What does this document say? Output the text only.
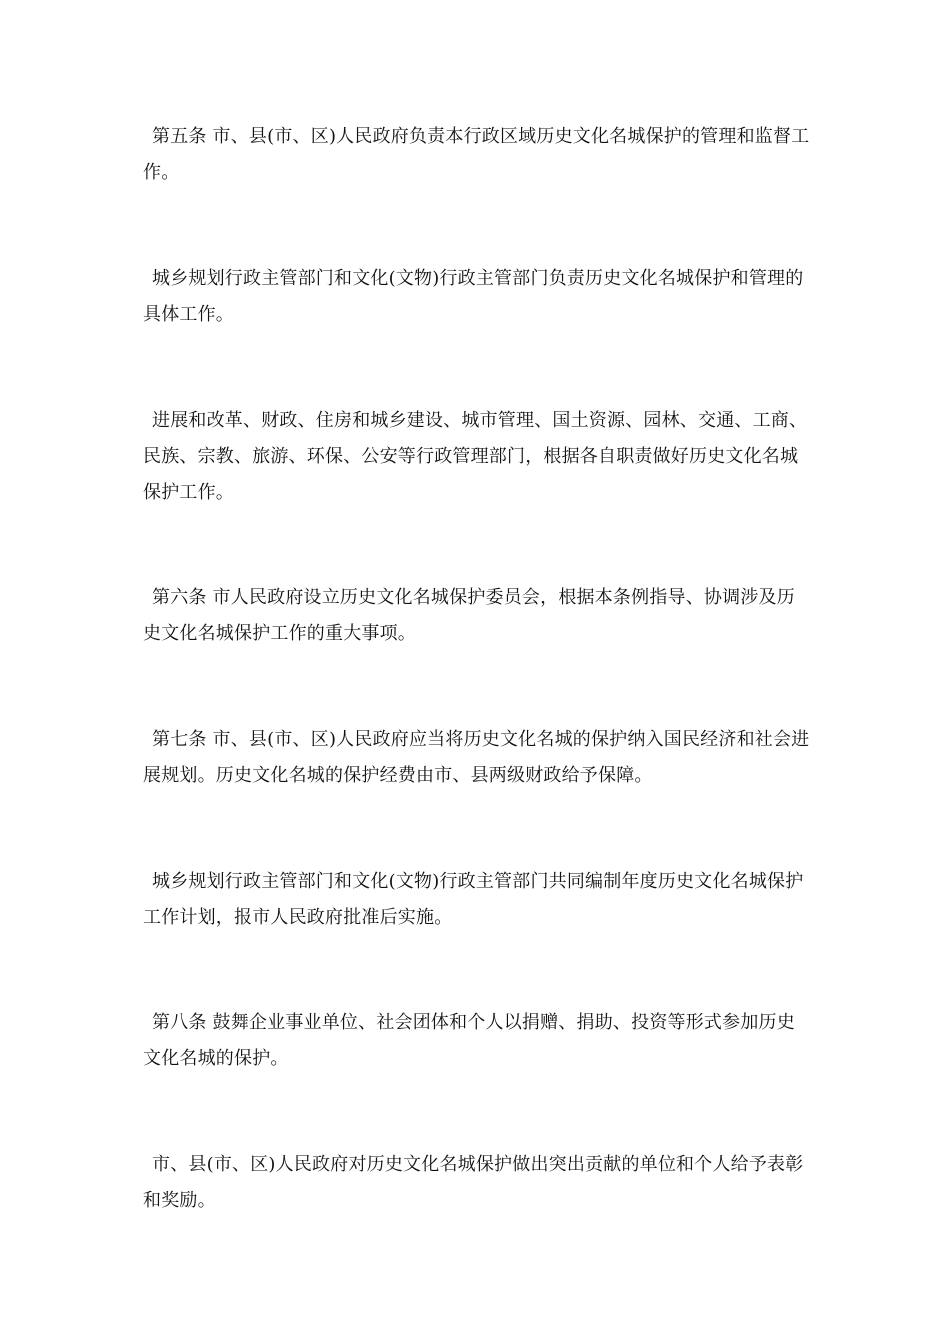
第五条 市、县(市、区)人民政府负责本行政区域历史文化名城保护的管理和监督工作。

城乡规划行政主管部门和文化(文物)行政主管部门负责历史文化名城保护和管理的具体工作。

进展和改革、财政、住房和城乡建设、城市管理、国土资源、园林、交通、工商、民族、宗教、旅游、环保、公安等行政管理部门，根据各自职责做好历史文化名城保护工作。

第六条 市人民政府设立历史文化名城保护委员会，根据本条例指导、协调涉及历史文化名城保护工作的重大事项。

第七条 市、县(市、区)人民政府应当将历史文化名城的保护纳入国民经济和社会进展规划。历史文化名城的保护经费由市、县两级财政给予保障。

城乡规划行政主管部门和文化(文物)行政主管部门共同编制年度历史文化名城保护工作计划，报市人民政府批准后实施。

第八条 鼓舞企业事业单位、社会团体和个人以捐赠、捐助、投资等形式参加历史文化名城的保护。

市、县(市、区)人民政府对历史文化名城保护做出突出贡献的单位和个人给予表彰和奖励。
